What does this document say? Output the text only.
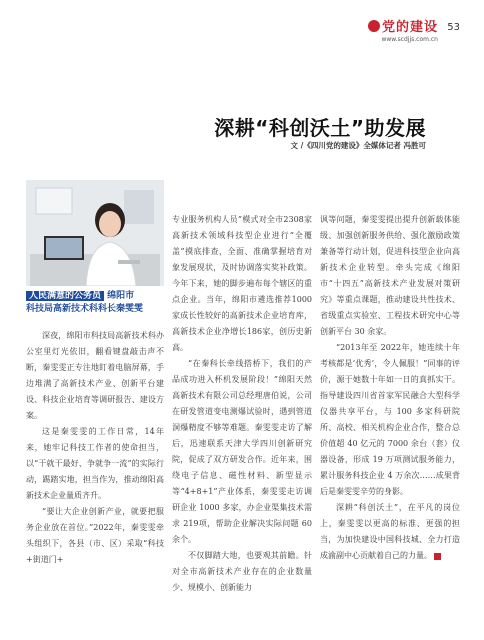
党的建设
www.scdjjs.com.cn
53
深耕“科创沃土”助发展
文 /《四川党的建设》全媒体记者 冯胜可
人民满意的公务员 绵阳市
科技局高新技术科科长秦雯雯

深夜，绵阳市科技局高新技术科办公室里灯光依旧，翻看键盘敲击声不断，秦雯雯正专注地盯着电脑屏幕，手边堆满了高新技术产业、创新平台建设、科技企业培育等调研报告、建设方案。

这是秦雯雯的工作日常，14年来，她牢记科技工作者的使命担当，以“干就干最好、争就争一流”的实际行动，踢踏实地，担当作为，推动绵阳高新技术企业量质齐升。

“要让大企业创新产业，就要把服务企业放在首位。”2022年，秦雯雯牵头组织下，各县（市、区）采取“科技+街道门+

专业服务机构人员”模式对全市2308家高新技术领域科技型企业进行“全覆盖”摸底排查，全面、准确掌握培育对象发展现状，及时协调落实奖补政策。今年下来，她的脚步遍布每个辖区的重点企业。当年，绵阳市遴选推荐1000家成长性较好的高新技术企业培育库，高新技术企业净增长186家，创历史新高。

“在秦科长牵线搭桥下，我们的产品成功进入杯机发展阶段！”绵阳天然高新技术有限公司总经理唐伯说，公司在研发管道变电测爆试验时，遇到管道洞爆精度不够等难题。秦雯雯走访了解后，迅速联系天津大学四川创新研究院，促成了双方研发合作。近年来，围绕电子信息、磁性材料、新型显示等“4+8+1”产业体系，秦雯雯走访调研企业 1000 多家，办企业渠集技术需求 219项，帮助企业解决实际问题 60 余个。

不仅脚踏大地，也要观其前瞻。针对全市高新技术产业存在的企业数量少、规模小、创新能力

讽等问题，秦雯雯提出提升创新载体能级、加强创新服务供给、强化激励政策兼备等行动计划，促进科技型企业向高新技术企业转型。牵头完成《绵阳市“十四五”高新技术产业发展对策研究》等重点课题，推动建设共性技术、省级重点实验室、工程技术研究中心等创新平台 30 余家。

“2013年至 2022年，她连续十年考核都是‘优秀’，令人佩服！”同事的评价，源于她数十年如一日的真抓实干。指导建设四川省首家军民融合大型科学仪器共享平台，与 100 多家科研院所、高校、相关机构企业合作，整合总价值超 40 亿元的 7000 余台（套）仪器设备，形成 19 万项测试服务能力，累计服务科技企业 4 万余次……成果背后是秦雯雯辛劳的身影。

深耕“科创沃土”，在平凡的岗位上，秦雯雯以更高的标准、更强的担当，为加快建设中国科技城、全力打造成渝副中心贡献着自己的力量。
